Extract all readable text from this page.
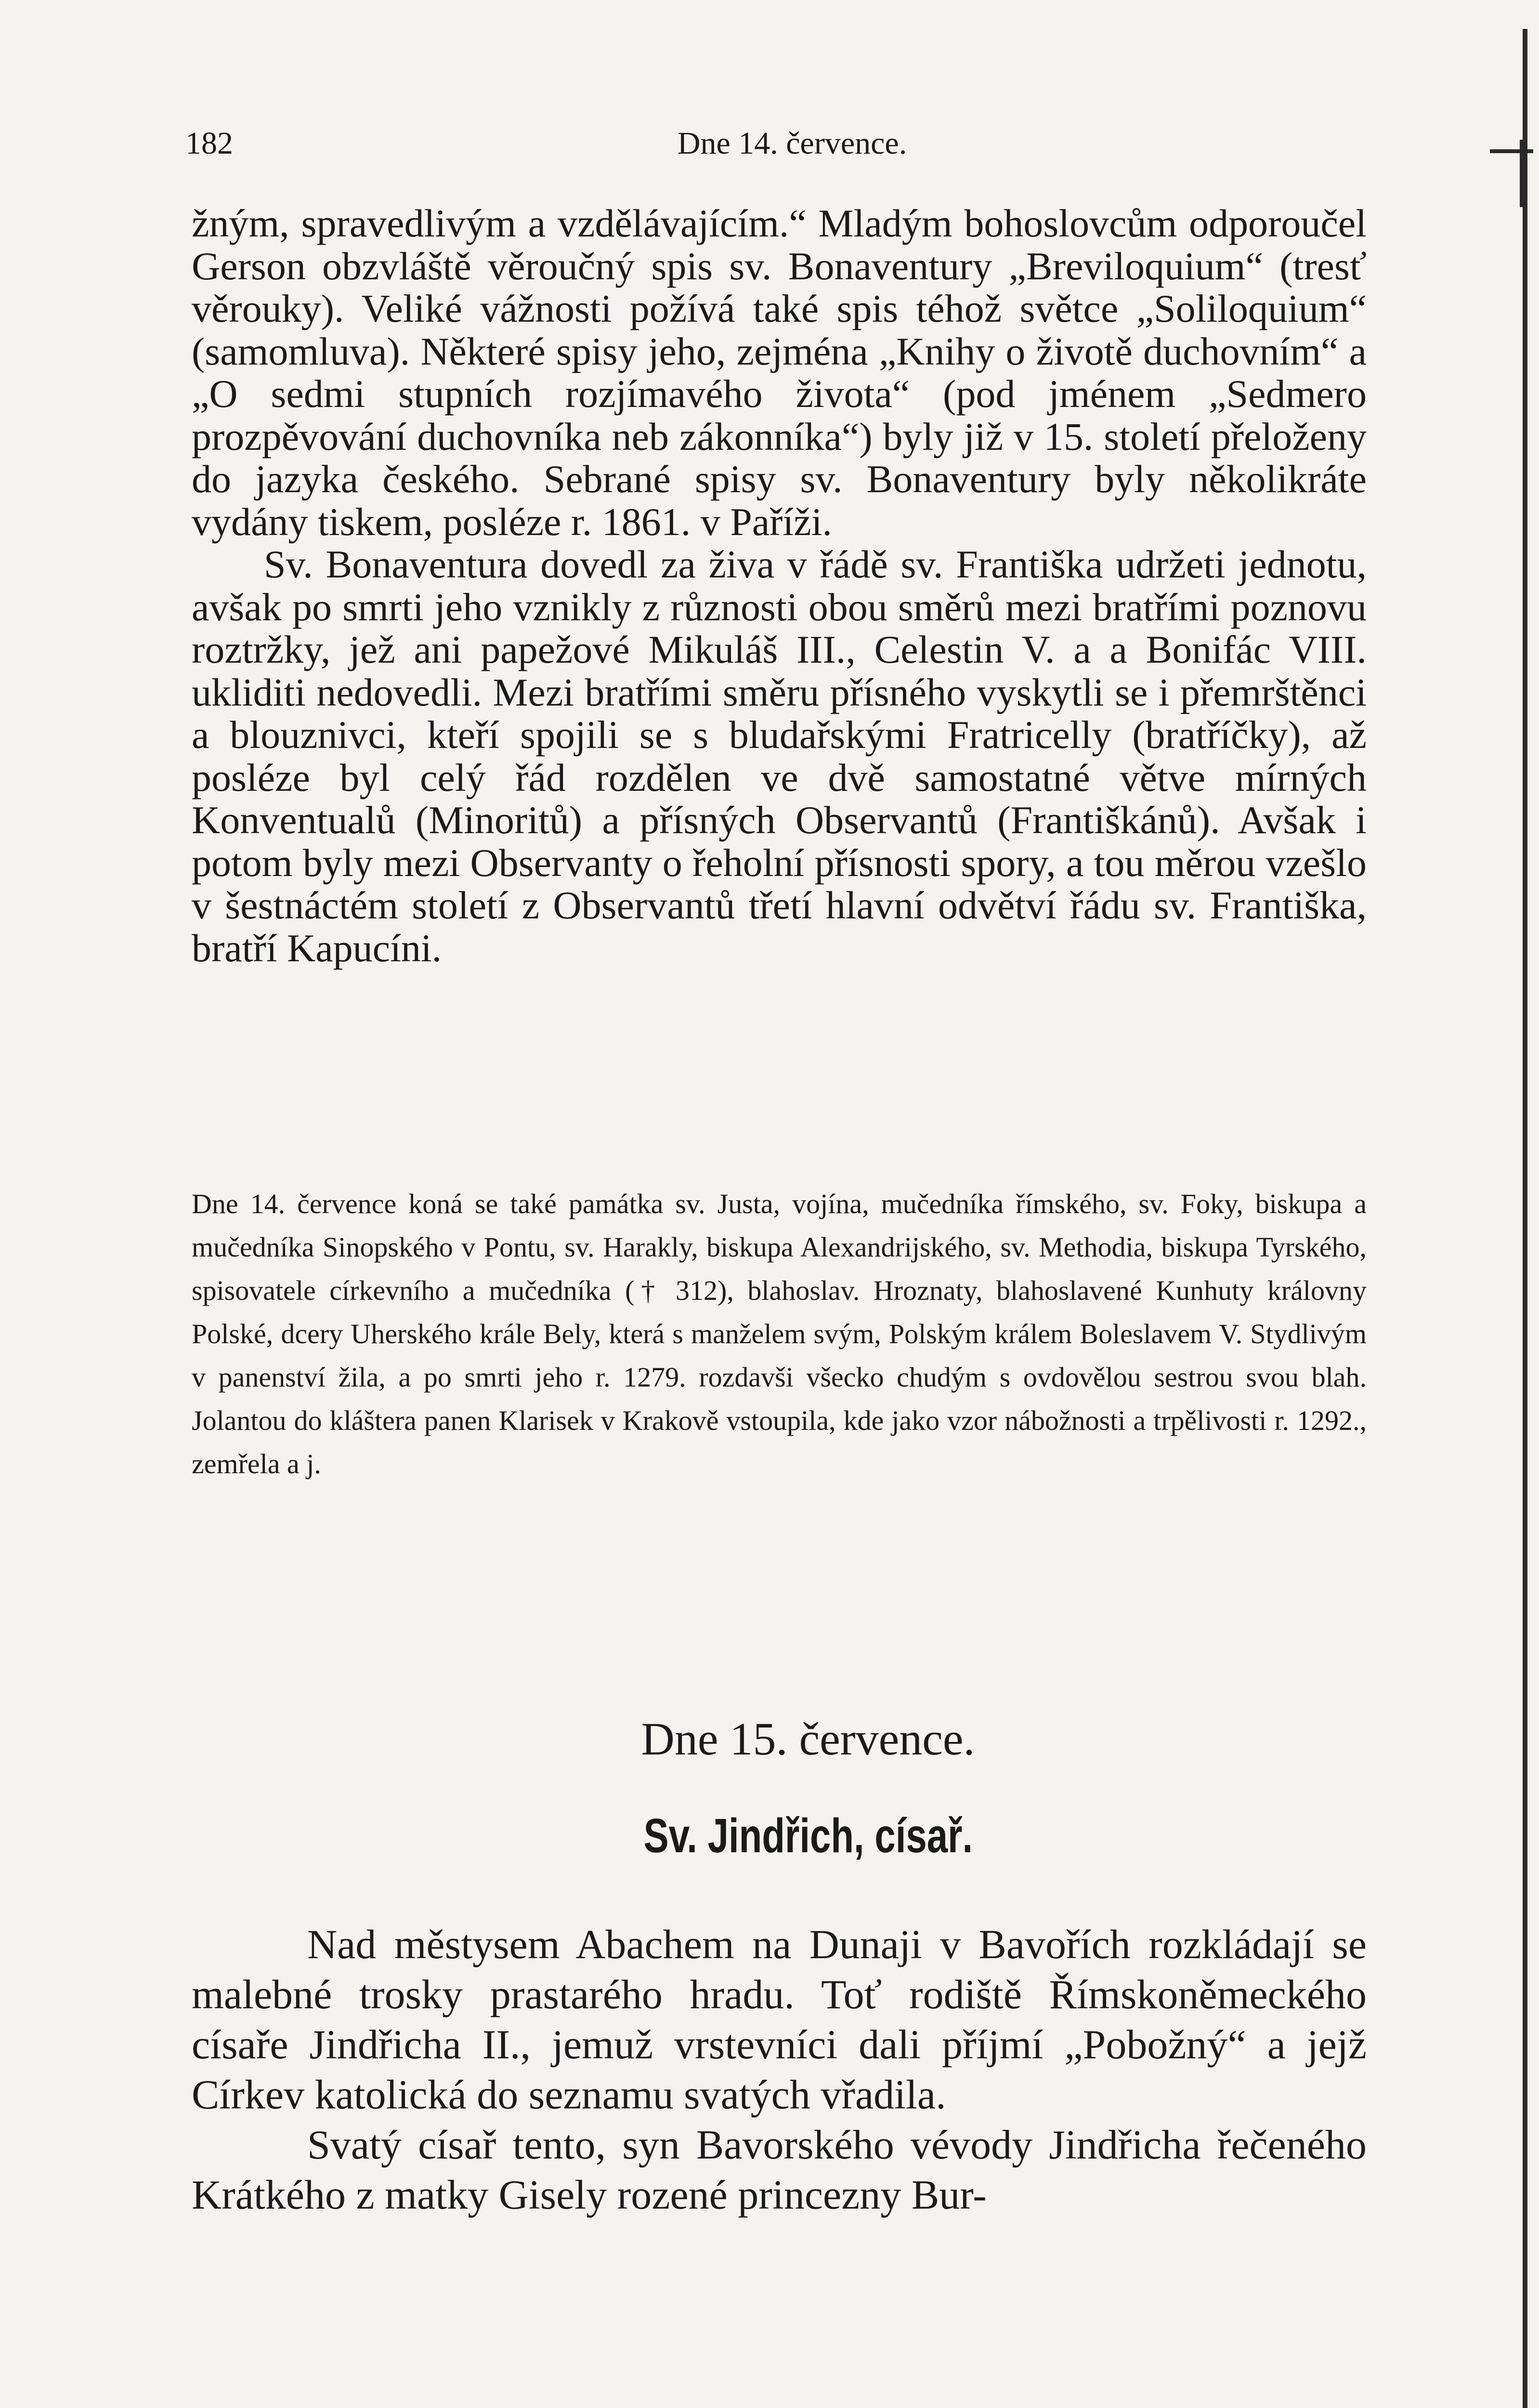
182	Dne 14. července.

žným, spravedlivým a vzdělávajícím.“ Mladým bohoslovcům odporoučel Gerson obzvláště věroučný spis sv. Bonaventury „Breviloquium“ (tresť věrouky). Veliké vážnosti požívá také spis téhož světce „Soliloquium“ (samomluva). Některé spisy jeho, zejména „Knihy o životě duchovním“ a „O sedmi stupních rozjímavého života“ (pod jménem „Sedmero prozpěvování duchovníka neb zákonníka“) byly již v 15. století přeloženy do jazyka českého. Sebrané spisy sv. Bonaventury byly několikráte vydány tiskem, posléze r. 1861. v Paříži.

Sv. Bonaventura dovedl za živa v řádě sv. Františka udržeti jednotu, avšak po smrti jeho vznikly z různosti obou směrů mezi bratřími poznovu roztržky, jež ani papežové Mikuláš III., Celestin V. a a Bonifác VIII. ukliditi nedovedli. Mezi bratřími směru přísného vyskytli se i přemrštěnci a blouznivci, kteří spojili se s bludařskými Fratricelly (bratříčky), až posléze byl celý řád rozdělen ve dvě samostatné větve mírných Konventualů (Minoritů) a přísných Observantů (Františkánů). Avšak i potom byly mezi Observanty o řeholní přísnosti spory, a tou měrou vzešlo v šestnáctém století z Observantů třetí hlavní odvětví řádu sv. Františka, bratří Kapucíni.

Dne 14. července koná se také památka sv. Justa, vojína, mučedníka římského, sv. Foky, biskupa a mučedníka Sinopského v Pontu, sv. Harakly, biskupa Alexandrijského, sv. Methodia, biskupa Tyrského, spisovatele církevního a mučedníka († 312), blahoslav. Hroznaty, blahoslavené Kunhuty královny Polské, dcery Uherského krále Bely, která s manželem svým, Polským králem Boleslavem V. Stydlivým v panenství žila, a po smrti jeho r. 1279. rozdavši všecko chudým s ovdovělou sestrou svou blah. Jolantou do kláštera panen Klarisek v Krakově vstoupila, kde jako vzor nábožnosti a trpělivosti r. 1292., zemřela a j.

Dne 15. července.
Sv. Jindřich, císař.

Nad městysem Abachem na Dunaji v Bavořích rozkládají se malebné trosky prastarého hradu. Toť rodiště Římskoněmeckého císaře Jindřicha II., jemuž vrstevníci dali příjmí „Pobožný“ a jejž Církev katolická do seznamu svatých vřadila.

Svatý císař tento, syn Bavorského vévody Jindřicha řečeného Krátkého z matky Gisely rozené princezny Bur-
